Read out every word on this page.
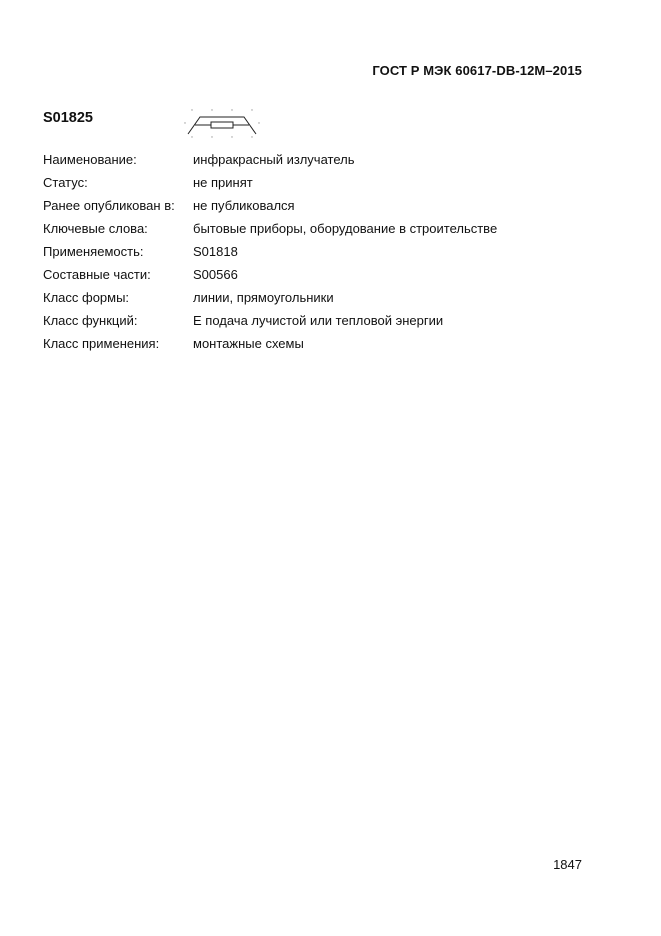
ГОСТ Р МЭК 60617-DB-12M–2015
S01825
Наименование:	инфракрасный излучатель
Статус:	не принят
Ранее опубликован в:	не публиковался
Ключевые слова:	бытовые приборы, оборудование в строительстве
Применяемость:	S01818
Составные части:	S00566
Класс формы:	линии, прямоугольники
Класс функций:	E подача лучистой или тепловой энергии
Класс применения:	монтажные схемы
1847
